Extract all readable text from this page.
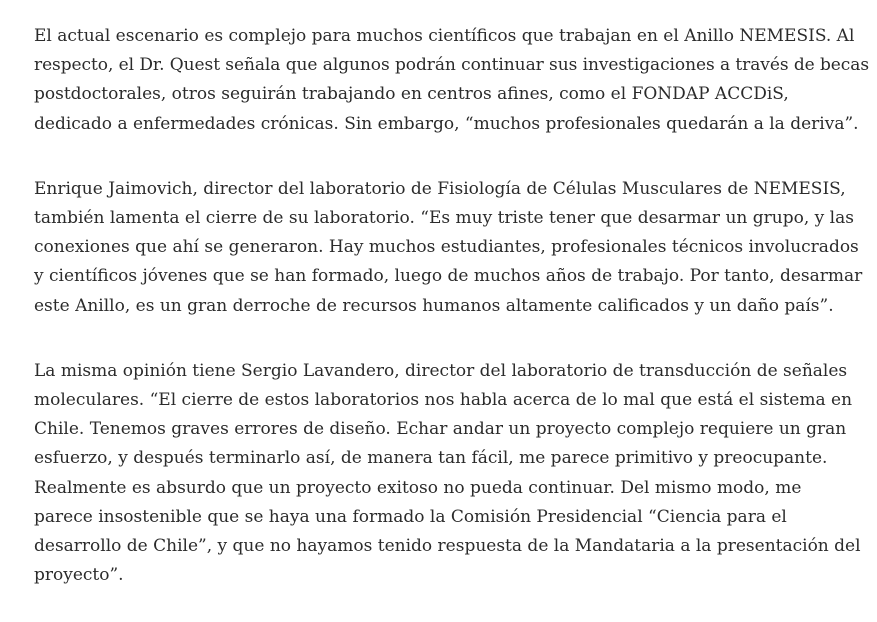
El actual escenario es complejo para muchos científicos que trabajan en el Anillo NEMESIS. Al
respecto, el Dr. Quest señala que algunos podrán continuar sus investigaciones a través de becas
postdoctorales, otros seguirán trabajando en centros afines, como el FONDAP ACCDiS,
dedicado a enfermedades crónicas. Sin embargo, “muchos profesionales quedarán a la deriva”.

Enrique Jaimovich, director del laboratorio de Fisiología de Células Musculares de NEMESIS,
también lamenta el cierre de su laboratorio. “Es muy triste tener que desarmar un grupo, y las
conexiones que ahí se generaron. Hay muchos estudiantes, profesionales técnicos involucrados
y científicos jóvenes que se han formado, luego de muchos años de trabajo. Por tanto, desarmar
este Anillo, es un gran derroche de recursos humanos altamente calificados y un daño país”.

La misma opinión tiene Sergio Lavandero, director del laboratorio de transducción de señales
moleculares. “El cierre de estos laboratorios nos habla acerca de lo mal que está el sistema en
Chile. Tenemos graves errores de diseño. Echar andar un proyecto complejo requiere un gran
esfuerzo, y después terminarlo así, de manera tan fácil, me parece primitivo y preocupante.
Realmente es absurdo que un proyecto exitoso no pueda continuar. Del mismo modo, me
parece insostenible que se haya una formado la Comisión Presidencial “Ciencia para el
desarrollo de Chile”, y que no hayamos tenido respuesta de la Mandataria a la presentación del
proyecto”.
